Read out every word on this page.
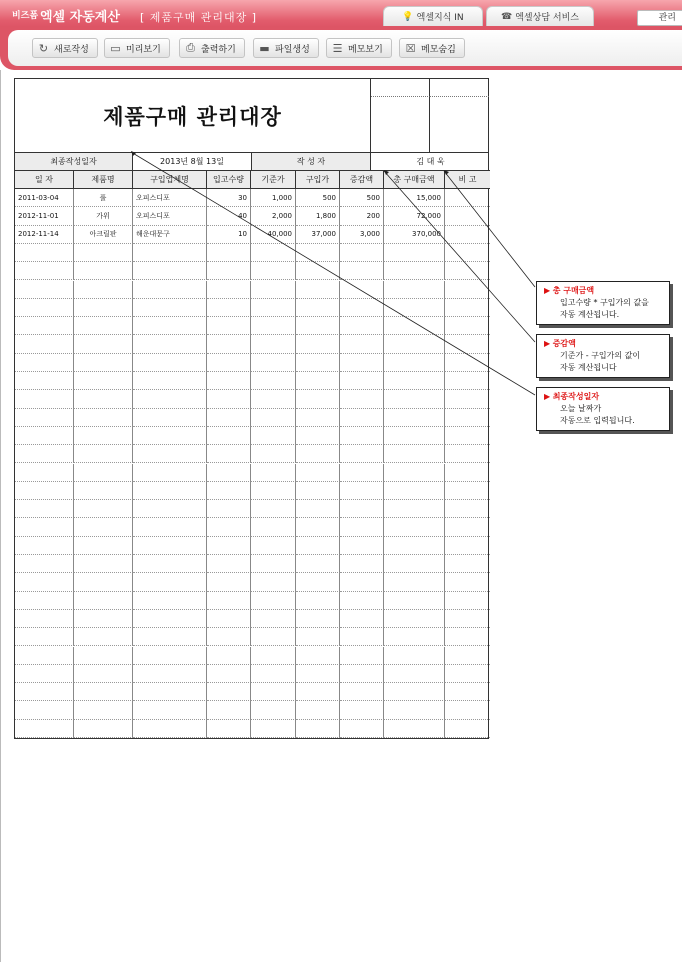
비즈폼 엑셀 자동계산 [ 제품구매 관리대장 ]	💡 엑셀지식 IN	☎ 엑셀상담 서비스	관리
↻ 새로작성 ▭ 미리보기 ⎙ 출력하기 ▬ 파일생성 ☰ 메모보기 ☒ 메모숨김
제품구매 관리대장
최종작성일자	2013년 8월 13일	작 성 자	김 대 욱
일 자	제품명	구입업체명	입고수량	기준가	구입가	증감액	총 구매금액	비 고
2011-03-04	풀	오피스디포	30	1,000	500	500	15,000
2012-11-01	가위	오피스디포	40	2,000	1,800	200	72,000
2012-11-14	아크릴판	해운대문구	10	40,000	37,000	3,000	370,000
▶ 총 구매금액
입고수량 * 구입가의 값을
자동 계산됩니다.
▶ 증감액
기준가 - 구입가의 값이
자동 계산됩니다
▶ 최종작성일자
오늘 날짜가
자동으로 입력됩니다.
